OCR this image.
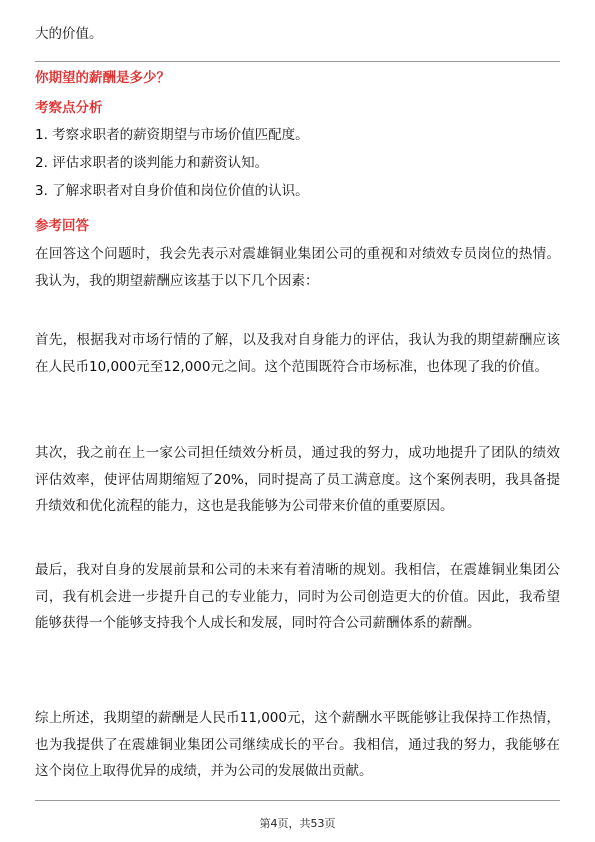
大的价值。
你期望的薪酬是多少？
考察点分析
1. 考察求职者的薪资期望与市场价值匹配度。
2. 评估求职者的谈判能力和薪资认知。
3. 了解求职者对自身价值和岗位价值的认识。
参考回答
在回答这个问题时，我会先表示对震雄铜业集团公司的重视和对绩效专员岗位的热情。我认为，我的期望薪酬应该基于以下几个因素：
首先，根据我对市场行情的了解，以及我对自身能力的评估，我认为我的期望薪酬应该在人民币10,000元至12,000元之间。这个范围既符合市场标准，也体现了我的价值。
其次，我之前在上一家公司担任绩效分析员，通过我的努力，成功地提升了团队的绩效评估效率，使评估周期缩短了20%，同时提高了员工满意度。这个案例表明，我具备提升绩效和优化流程的能力，这也是我能够为公司带来价值的重要原因。
最后，我对自身的发展前景和公司的未来有着清晰的规划。我相信，在震雄铜业集团公司，我有机会进一步提升自己的专业能力，同时为公司创造更大的价值。因此，我希望能够获得一个能够支持我个人成长和发展，同时符合公司薪酬体系的薪酬。
综上所述，我期望的薪酬是人民币11,000元，这个薪酬水平既能够让我保持工作热情，也为我提供了在震雄铜业集团公司继续成长的平台。我相信，通过我的努力，我能够在这个岗位上取得优异的成绩，并为公司的发展做出贡献。
第4页，共53页
